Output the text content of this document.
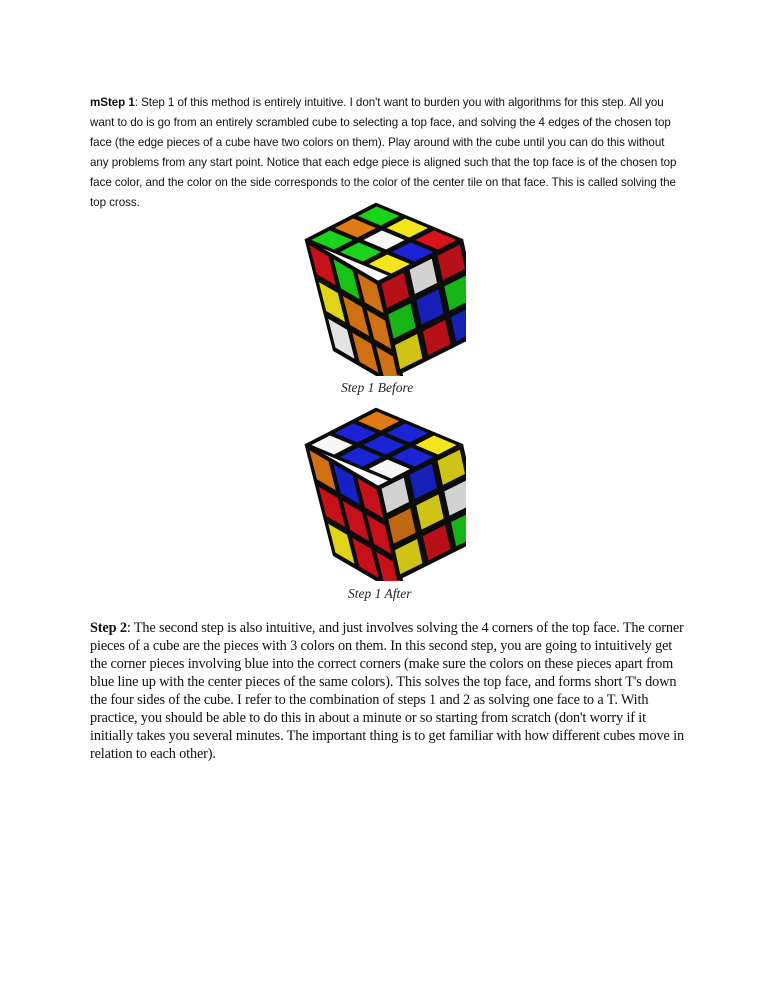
mStep 1: Step 1 of this method is entirely intuitive. I don't want to burden you with algorithms for this step. All you want to do is go from an entirely scrambled cube to selecting a top face, and solving the 4 edges of the chosen top face (the edge pieces of a cube have two colors on them). Play around with the cube until you can do this without any problems from any start point. Notice that each edge piece is aligned such that the top face is of the chosen top face color, and the color on the side corresponds to the color of the center tile on that face. This is called solving the top cross.
Step 1 Before
Step 1 After
Step 2: The second step is also intuitive, and just involves solving the 4 corners of the top face. The corner pieces of a cube are the pieces with 3 colors on them. In this second step, you are going to intuitively get the corner pieces involving blue into the correct corners (make sure the colors on these pieces apart from blue line up with the center pieces of the same colors). This solves the top face, and forms short T's down the four sides of the cube. I refer to the combination of steps 1 and 2 as solving one face to a T. With practice, you should be able to do this in about a minute or so starting from scratch (don't worry if it initially takes you several minutes. The important thing is to get familiar with how different cubes move in relation to each other).
